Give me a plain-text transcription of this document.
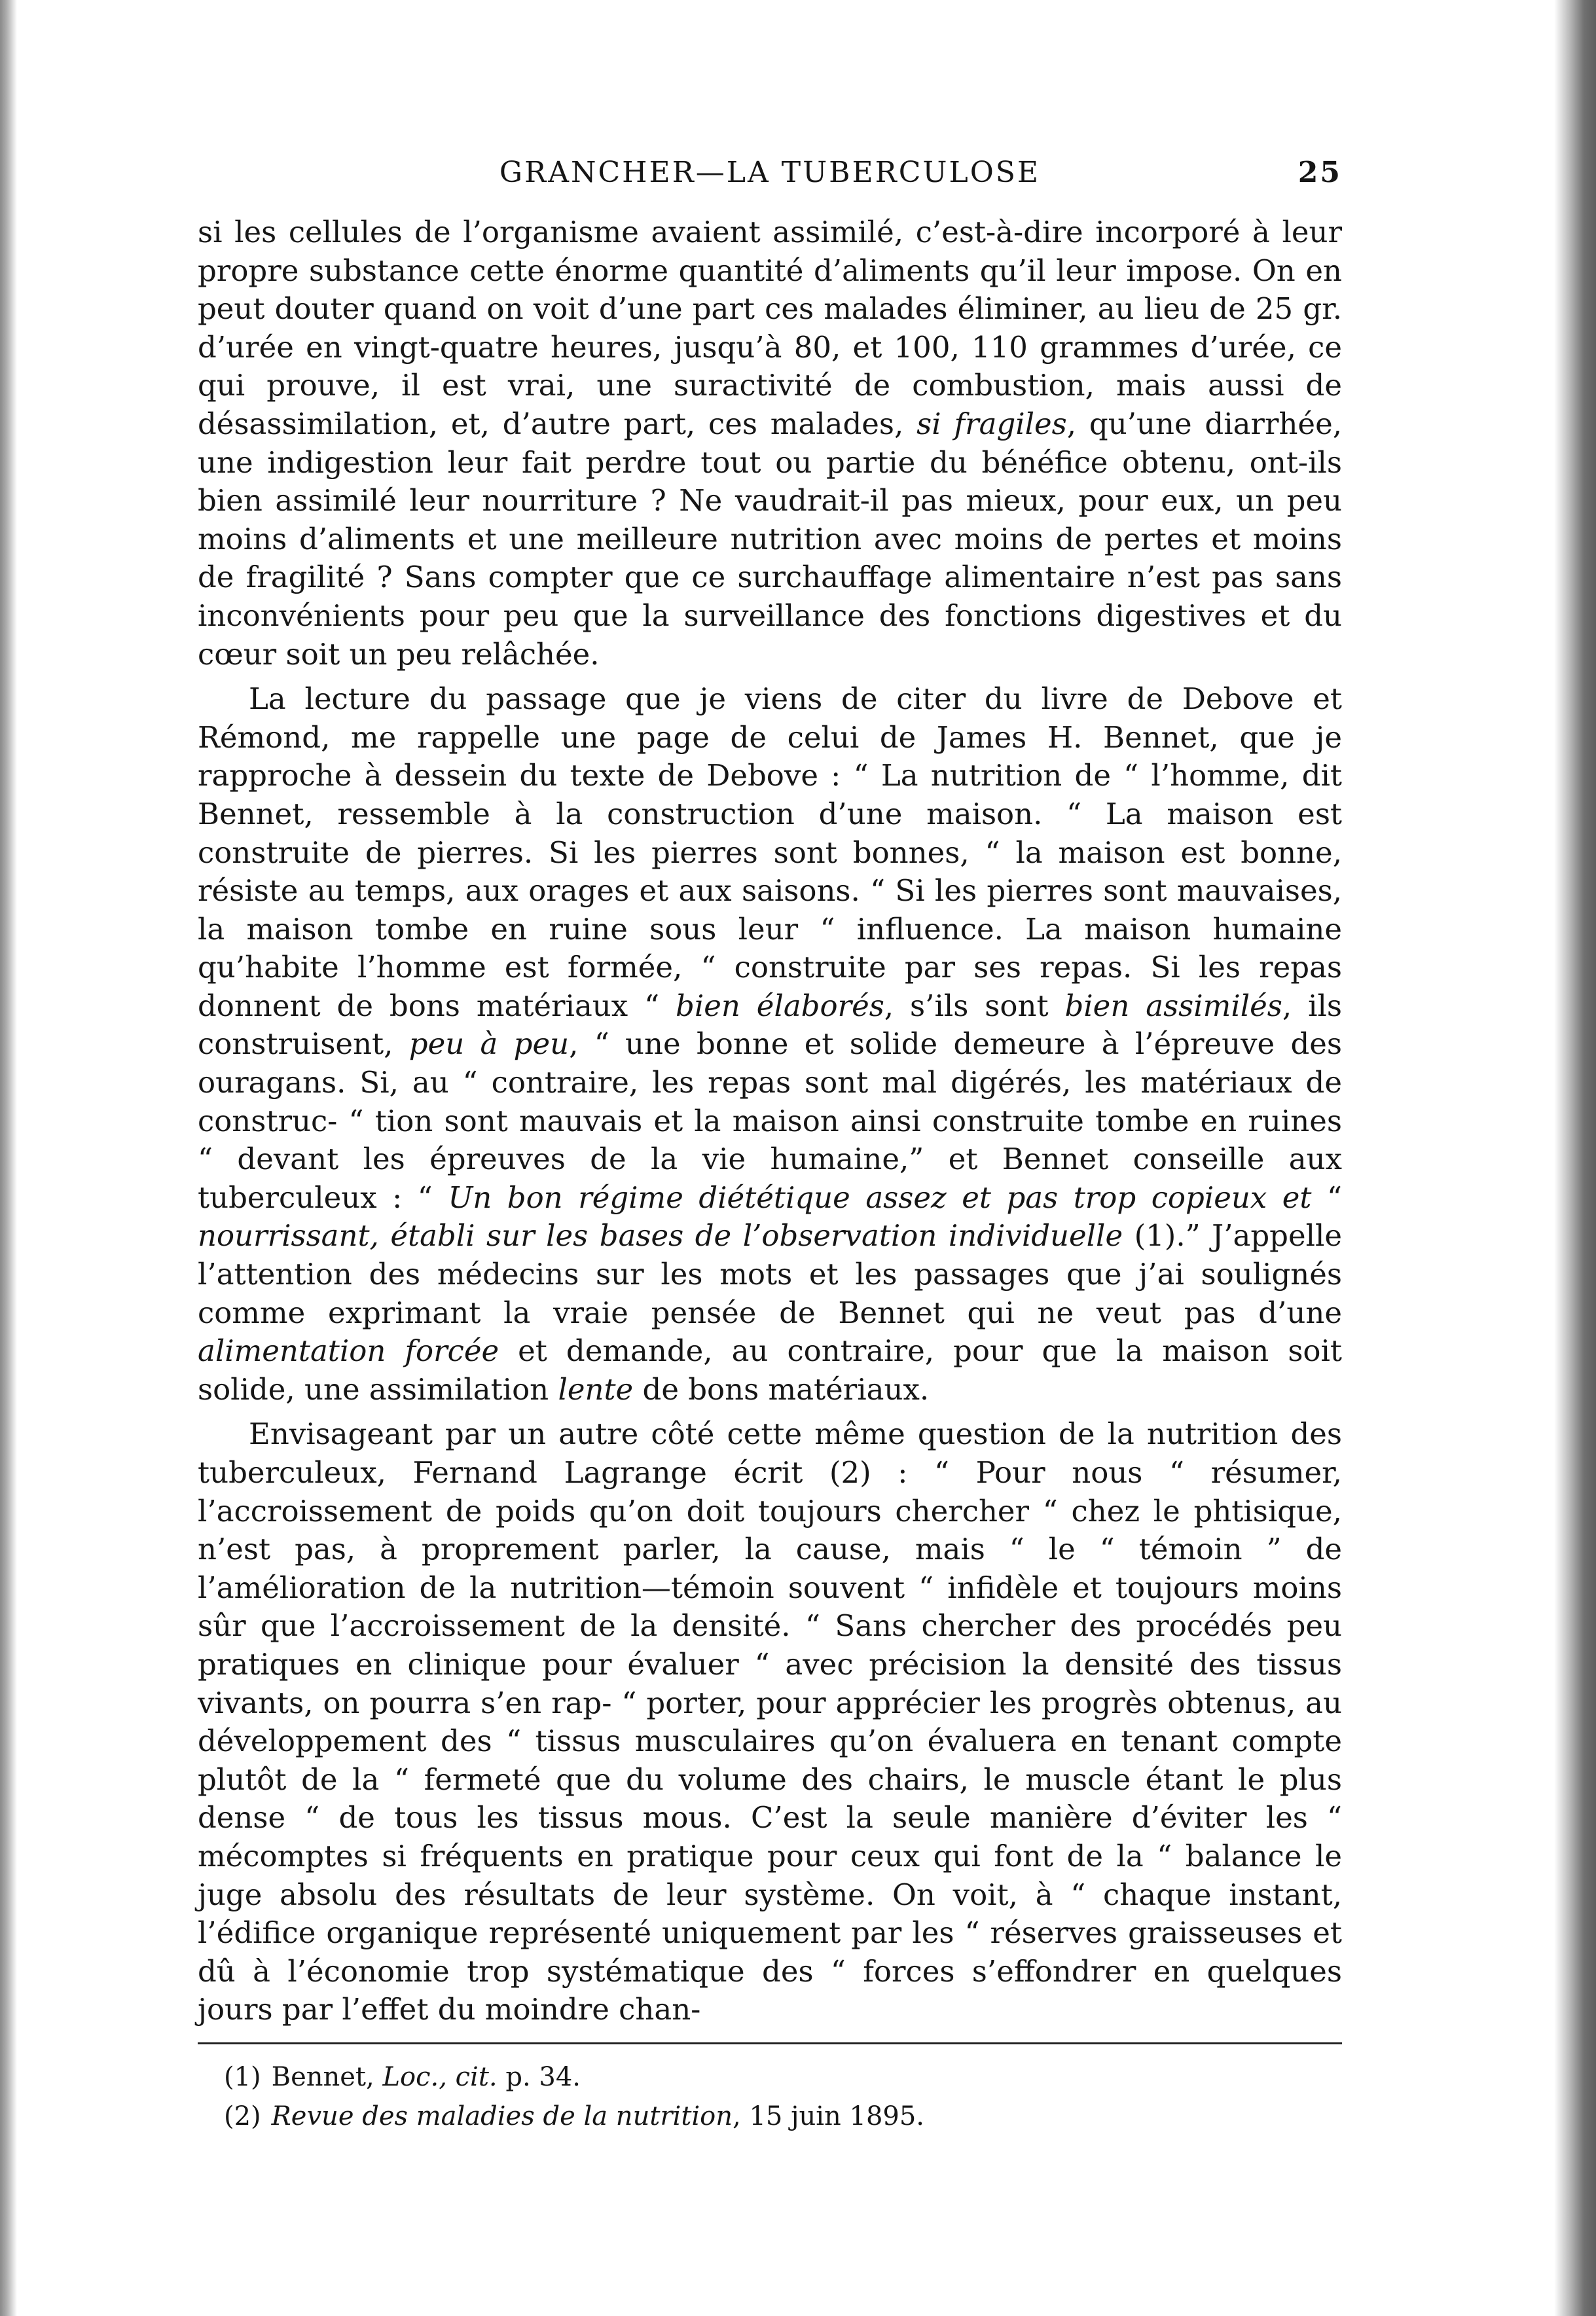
GRANCHER—LA TUBERCULOSE	25

si les cellules de l’organisme avaient assimilé, c’est-à-dire incorporé à leur propre substance cette énorme quantité d’aliments qu’il leur impose. On en peut douter quand on voit d’une part ces malades éliminer, au lieu de 25 gr. d’urée en vingt-quatre heures, jusqu’à 80, et 100, 110 grammes d’urée, ce qui prouve, il est vrai, une suractivité de combustion, mais aussi de désassimilation, et, d’autre part, ces malades, si fragiles, qu’une diarrhée, une indigestion leur fait perdre tout ou partie du bénéfice obtenu, ont-ils bien assimilé leur nourriture ? Ne vaudrait-il pas mieux, pour eux, un peu moins d’aliments et une meilleure nutrition avec moins de pertes et moins de fragilité ? Sans compter que ce surchauffage alimentaire n’est pas sans inconvénients pour peu que la surveillance des fonctions digestives et du cœur soit un peu relâchée.

La lecture du passage que je viens de citer du livre de Debove et Rémond, me rappelle une page de celui de James H. Bennet, que je rapproche à dessein du texte de Debove : “ La nutrition de “ l’homme, dit Bennet, ressemble à la construction d’une maison. “ La maison est construite de pierres. Si les pierres sont bonnes, “ la maison est bonne, résiste au temps, aux orages et aux saisons. “ Si les pierres sont mauvaises, la maison tombe en ruine sous leur “ influence. La maison humaine qu’habite l’homme est formée, “ construite par ses repas. Si les repas donnent de bons matériaux “ bien élaborés, s’ils sont bien assimilés, ils construisent, peu à peu, “ une bonne et solide demeure à l’épreuve des ouragans. Si, au “ contraire, les repas sont mal digérés, les matériaux de construc- “ tion sont mauvais et la maison ainsi construite tombe en ruines “ devant les épreuves de la vie humaine,” et Bennet conseille aux tuberculeux : “ Un bon régime diététique assez et pas trop copieux et “ nourrissant, établi sur les bases de l’observation individuelle (1).” J’appelle l’attention des médecins sur les mots et les passages que j’ai soulignés comme exprimant la vraie pensée de Bennet qui ne veut pas d’une alimentation forcée et demande, au contraire, pour que la maison soit solide, une assimilation lente de bons matériaux.

Envisageant par un autre côté cette même question de la nutrition des tuberculeux, Fernand Lagrange écrit (2) : “ Pour nous “ résumer, l’accroissement de poids qu’on doit toujours chercher “ chez le phtisique, n’est pas, à proprement parler, la cause, mais “ le “ témoin ” de l’amélioration de la nutrition—témoin souvent “ infidèle et toujours moins sûr que l’accroissement de la densité. “ Sans chercher des procédés peu pratiques en clinique pour évaluer “ avec précision la densité des tissus vivants, on pourra s’en rap- “ porter, pour apprécier les progrès obtenus, au développement des “ tissus musculaires qu’on évaluera en tenant compte plutôt de la “ fermeté que du volume des chairs, le muscle étant le plus dense “ de tous les tissus mous. C’est la seule manière d’éviter les “ mécomptes si fréquents en pratique pour ceux qui font de la “ balance le juge absolu des résultats de leur système. On voit, à “ chaque instant, l’édifice organique représenté uniquement par les “ réserves graisseuses et dû à l’économie trop systématique des “ forces s’effondrer en quelques jours par l’effet du moindre chan-

(1) Bennet, Loc., cit. p. 34.

(2) Revue des maladies de la nutrition, 15 juin 1895.
